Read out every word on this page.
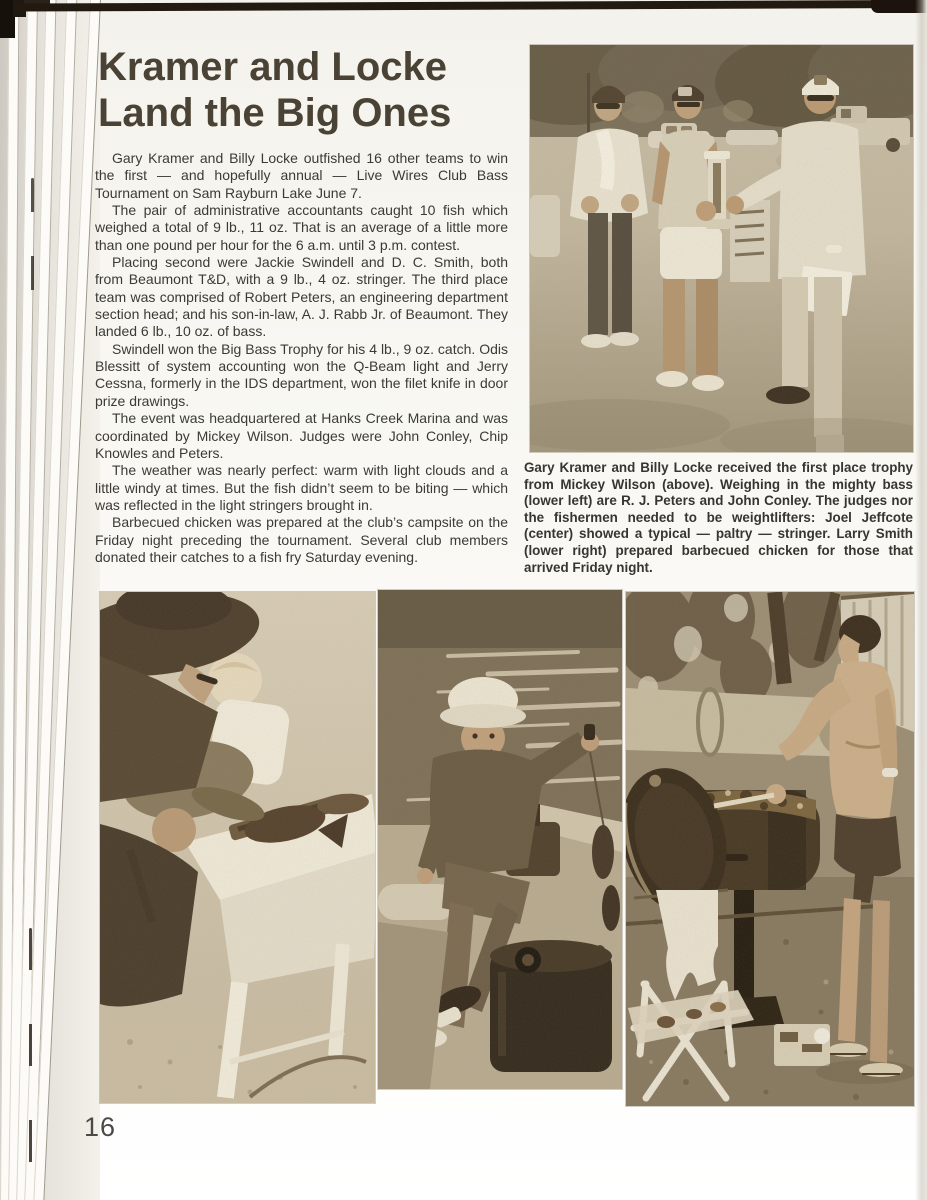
Kramer and Locke
Land the Big Ones

Gary Kramer and Billy Locke outfished 16 other teams to win the first — and hopefully annual — Live Wires Club Bass Tournament on Sam Rayburn Lake June 7.

The pair of administrative accountants caught 10 fish which weighed a total of 9 lb., 11 oz. That is an average of a little more than one pound per hour for the 6 a.m. until 3 p.m. contest.

Placing second were Jackie Swindell and D. C. Smith, both from Beaumont T&D, with a 9 lb., 4 oz. stringer. The third place team was comprised of Robert Peters, an engineering department section head; and his son-in-law, A. J. Rabb Jr. of Beaumont. They landed 6 lb., 10 oz. of bass.

Swindell won the Big Bass Trophy for his 4 lb., 9 oz. catch. Odis Blessitt of system accounting won the Q-Beam light and Jerry Cessna, formerly in the IDS department, won the filet knife in door prize drawings.

The event was headquartered at Hanks Creek Marina and was coordinated by Mickey Wilson. Judges were John Conley, Chip Knowles and Peters.

The weather was nearly perfect: warm with light clouds and a little windy at times. But the fish didn’t seem to be biting — which was reflected in the light stringers brought in.

Barbecued chicken was prepared at the club’s campsite on the Friday night preceding the tournament. Several club members donated their catches to a fish fry Saturday evening.

Gary Kramer and Billy Locke received the first place trophy from Mickey Wilson (above). Weighing in the mighty bass (lower left) are R. J. Peters and John Conley. The judges nor the fishermen needed to be weightlifters: Joel Jeffcote (center) showed a typical — paltry — stringer. Larry Smith (lower right) prepared barbecued chicken for those that arrived Friday night.

16
